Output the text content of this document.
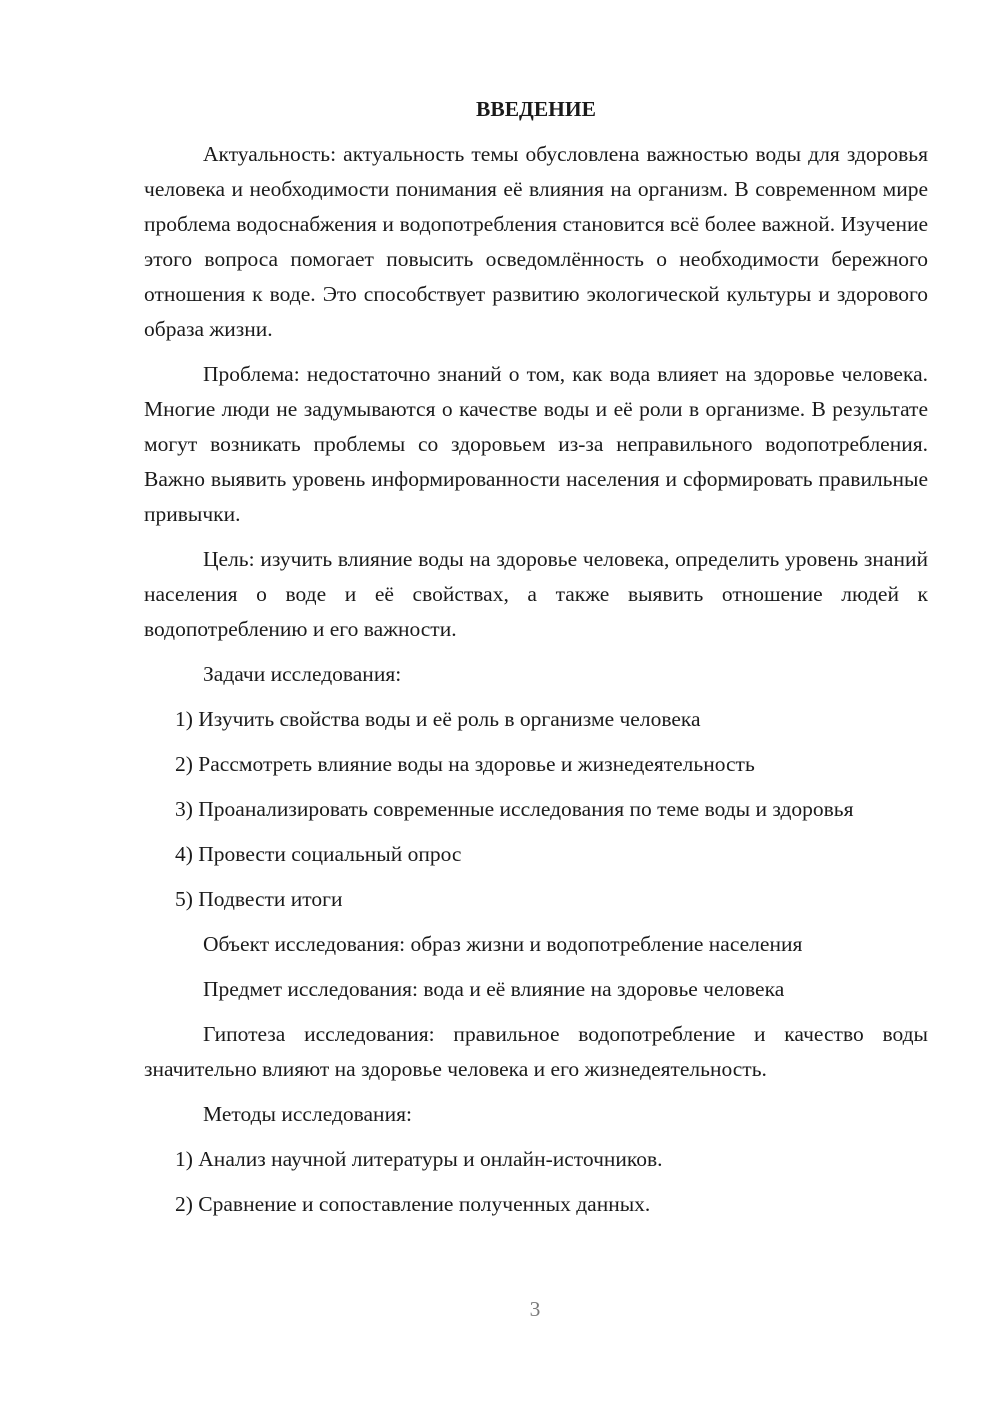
ВВЕДЕНИЕ

Актуальность: актуальность темы обусловлена важностью воды для здоровья человека и необходимости понимания её влияния на организм. В современном мире проблема водоснабжения и водопотребления становится всё более важной. Изучение этого вопроса помогает повысить осведомлённость о необходимости бережного отношения к воде. Это способствует развитию экологической культуры и здорового образа жизни.

Проблема: недостаточно знаний о том, как вода влияет на здоровье человека. Многие люди не задумываются о качестве воды и её роли в организме. В результате могут возникать проблемы со здоровьем из-за неправильного водопотребления. Важно выявить уровень информированности населения и сформировать правильные привычки.

Цель: изучить влияние воды на здоровье человека, определить уровень знаний населения о воде и её свойствах, а также выявить отношение людей к водопотреблению и его важности.

Задачи исследования:

1) Изучить свойства воды и её роль в организме человека

2) Рассмотреть влияние воды на здоровье и жизнедеятельность

3) Проанализировать современные исследования по теме воды и здоровья

4) Провести социальный опрос

5) Подвести итоги

Объект исследования: образ жизни и водопотребление населения

Предмет исследования: вода и её влияние на здоровье человека

Гипотеза исследования: правильное водопотребление и качество воды значительно влияют на здоровье человека и его жизнедеятельность.

Методы исследования:

1) Анализ научной литературы и онлайн-источников.

2) Сравнение и сопоставление полученных данных.

3
